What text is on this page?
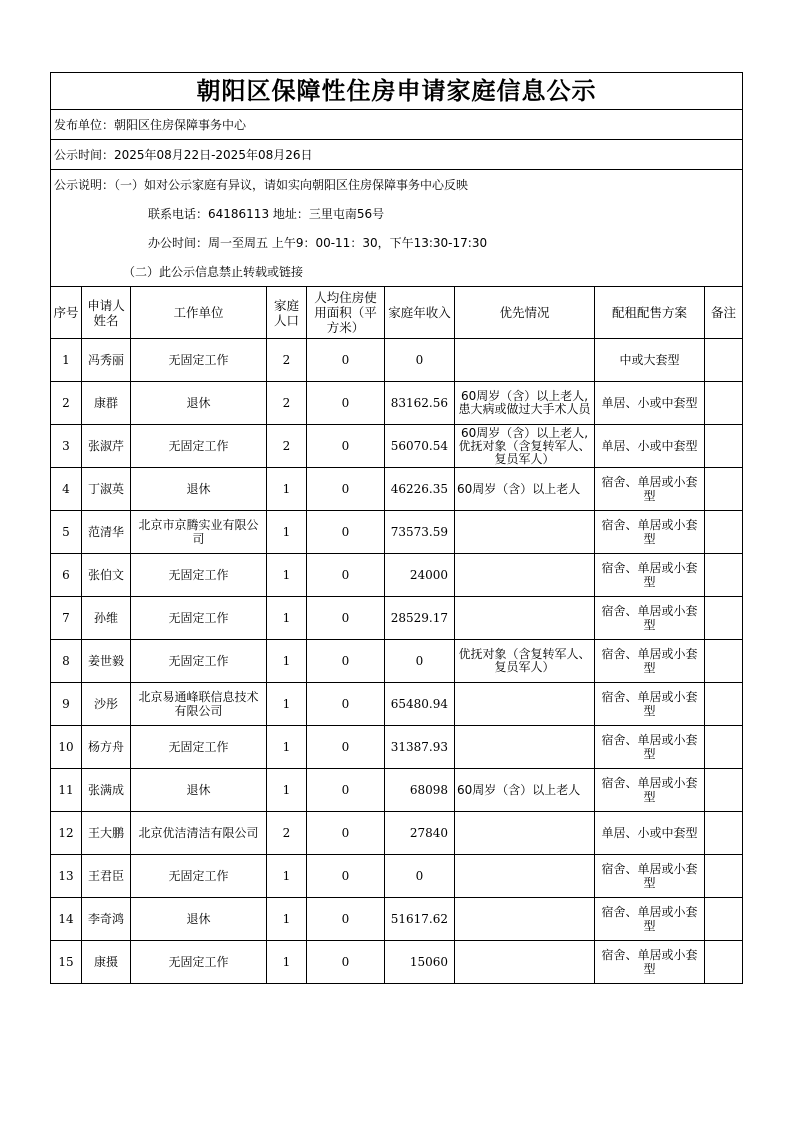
朝阳区保障性住房申请家庭信息公示								
发布单位：朝阳区住房保障事务中心								
公示时间：2025年08月22日-2025年08月26日								
公示说明：（一）如对公示家庭有异议，请如实向朝阳区住房保障事务中心反映								
联系电话：64186113 地址：三里屯南56号								
办公时间：周一至周五 上午9：00-11：30，下午13:30-17:30								
（二）此公示信息禁止转载或链接								
序号	申请人姓名	工作单位	家庭人口	人均住房使用面积（平方米）	家庭年收入	优先情况	配租配售方案	备注
1	冯秀丽	无固定工作	2	0	0		中或大套型	
2	康群	退休	2	0	83162.56	60周岁（含）以上老人,患大病或做过大手术人员	单居、小或中套型	
3	张淑芹	无固定工作	2	0	56070.54	60周岁（含）以上老人,优抚对象（含复转军人、复员军人）	单居、小或中套型	
4	丁淑英	退休	1	0	46226.35	60周岁（含）以上老人	宿舍、单居或小套型	
5	范清华	北京市京腾实业有限公司	1	0	73573.59		宿舍、单居或小套型	
6	张伯文	无固定工作	1	0	24000		宿舍、单居或小套型	
7	孙维	无固定工作	1	0	28529.17		宿舍、单居或小套型	
8	姜世毅	无固定工作	1	0	0	优抚对象（含复转军人、复员军人）	宿舍、单居或小套型	
9	沙彤	北京易通峰联信息技术有限公司	1	0	65480.94		宿舍、单居或小套型	
10	杨方舟	无固定工作	1	0	31387.93		宿舍、单居或小套型	
11	张满成	退休	1	0	68098	60周岁（含）以上老人	宿舍、单居或小套型	
12	王大鹏	北京优洁清洁有限公司	2	0	27840		单居、小或中套型	
13	王君臣	无固定工作	1	0	0		宿舍、单居或小套型	
14	李奇鸿	退休	1	0	51617.62		宿舍、单居或小套型	
15	康摄	无固定工作	1	0	15060		宿舍、单居或小套型	
